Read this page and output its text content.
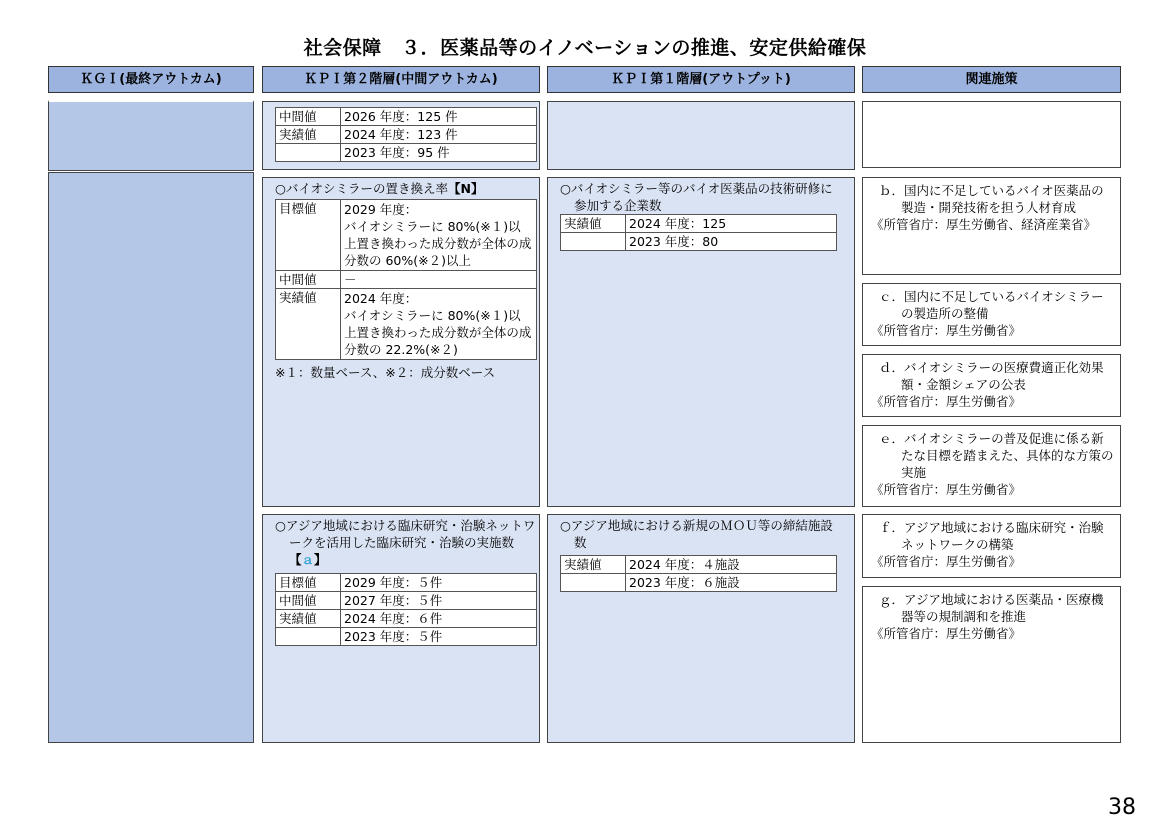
社会保障　３．医薬品等のイノベーションの推進、安定供給確保
ＫＧＩ(最終アウトカム)	ＫＰＩ第２階層(中間アウトカム)	ＫＰＩ第１階層(アウトプット)	関連施策
中間値	2026 年度：125 件
実績値	2024 年度：123 件
	2023 年度：95 件
○バイオシミラーの置き換え率【N】
目標値	2029 年度：
バイオシミラーに 80%(※１)以上置き換わった成分数が全体の成分数の 60%(※２)以上
中間値	－
実績値	2024 年度：
バイオシミラーに 80%(※１)以上置き換わった成分数が全体の成分数の 22.2%(※２)
※１：数量ベース、※２：成分数ベース
○バイオシミラー等のバイオ医薬品の技術研修に参加する企業数
実績値	2024 年度：125
	2023 年度：80
ｂ．国内に不足しているバイオ医薬品の製造・開発技術を担う人材育成
《所管省庁：厚生労働省、経済産業省》
ｃ．国内に不足しているバイオシミラーの製造所の整備
《所管省庁：厚生労働省》
ｄ．バイオシミラーの医療費適正化効果額・金額シェアの公表
《所管省庁：厚生労働省》
ｅ．バイオシミラーの普及促進に係る新たな目標を踏まえた、具体的な方策の実施
《所管省庁：厚生労働省》
○アジア地域における臨床研究・治験ネットワークを活用した臨床研究・治験の実施数【ａ】
目標値	2029 年度：５件
中間値	2027 年度：５件
実績値	2024 年度：６件
	2023 年度：５件
○アジア地域における新規のＭＯＵ等の締結施設数
実績値	2024 年度：４施設
	2023 年度：６施設
ｆ．アジア地域における臨床研究・治験ネットワークの構築
《所管省庁：厚生労働省》
ｇ．アジア地域における医薬品・医療機器等の規制調和を推進
《所管省庁：厚生労働省》
38
